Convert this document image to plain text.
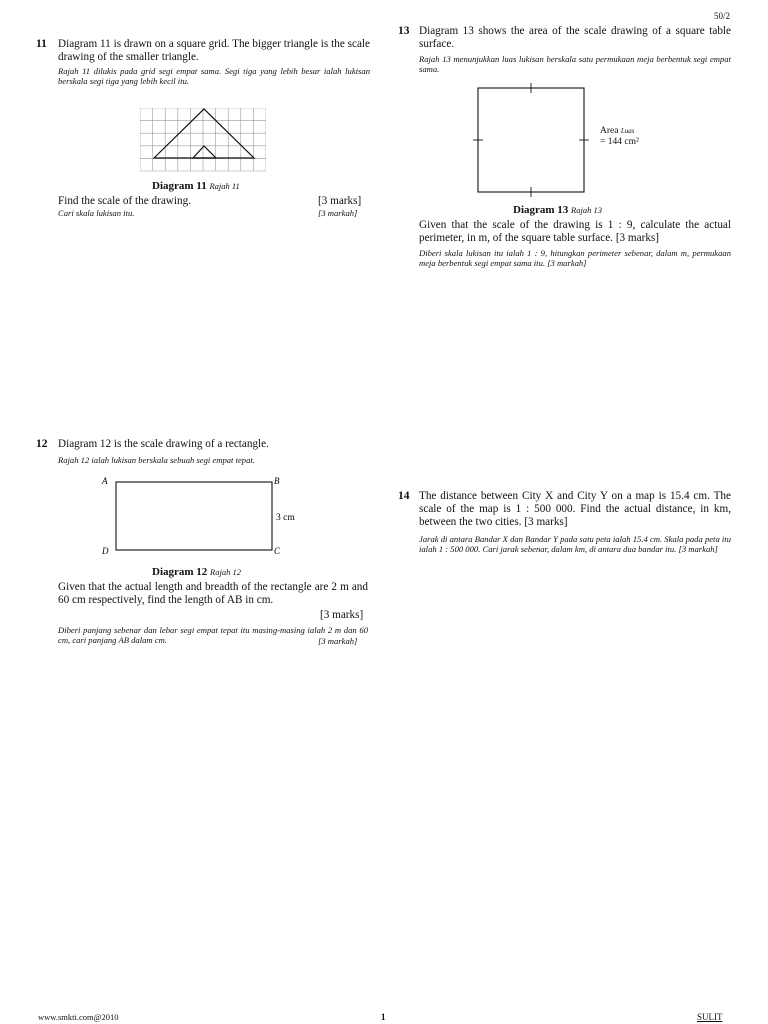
50/2
11 Diagram 11 is drawn on a square grid. The bigger triangle is the scale drawing of the smaller triangle.
Rajah 11 dilukis pada grid segi empat sama. Segi tiga yang lebih besar ialah lukisan berskala segi tiga yang lebih kecil itu.
Diagram 11 Rajah 11
Find the scale of the drawing.	[3 marks]
Cari skala lukisan itu.	[3 markah]
13 Diagram 13 shows the area of the scale drawing of a square table surface.
Rajah 13 menunjukkan luas lukisan berskala satu permukaan meja berbentuk segi empat sama.
Area Luas
= 144 cm²
Diagram 13 Rajah 13
Given that the scale of the drawing is 1 : 9, calculate the actual perimeter, in m, of the square table surface. [3 marks]
Diberi skala lukisan itu ialah 1 : 9, hitungkan perimeter sebenar, dalam m, permukaan meja berbentuk segi empat sama itu. [3 markah]
12 Diagram 12 is the scale drawing of a rectangle.
Rajah 12 ialah lukisan berskala sebuah segi empat tepat.
A	B
C
D
3 cm
Diagram 12 Rajah 12
Given that the actual length and breadth of the rectangle are 2 m and 60 cm respectively, find the length of AB in cm.
[3 marks]
Diberi panjang sebenar dan lebar segi empat tepat itu masing-masing ialah 2 m dan 60 cm, cari panjang AB dalam cm.	[3 markah]
14 The distance between City X and City Y on a map is 15.4 cm. The scale of the map is 1 : 500 000. Find the actual distance, in km, between the two cities. [3 marks]
Jarak di antara Bandar X dan Bandar Y pada satu peta ialah 15.4 cm. Skala pada peta itu ialah 1 : 500 000. Cari jarak sebenar, dalam km, di antara dua bandar itu. [3 markah]
www.smkti.com@2010	1	SULIT
